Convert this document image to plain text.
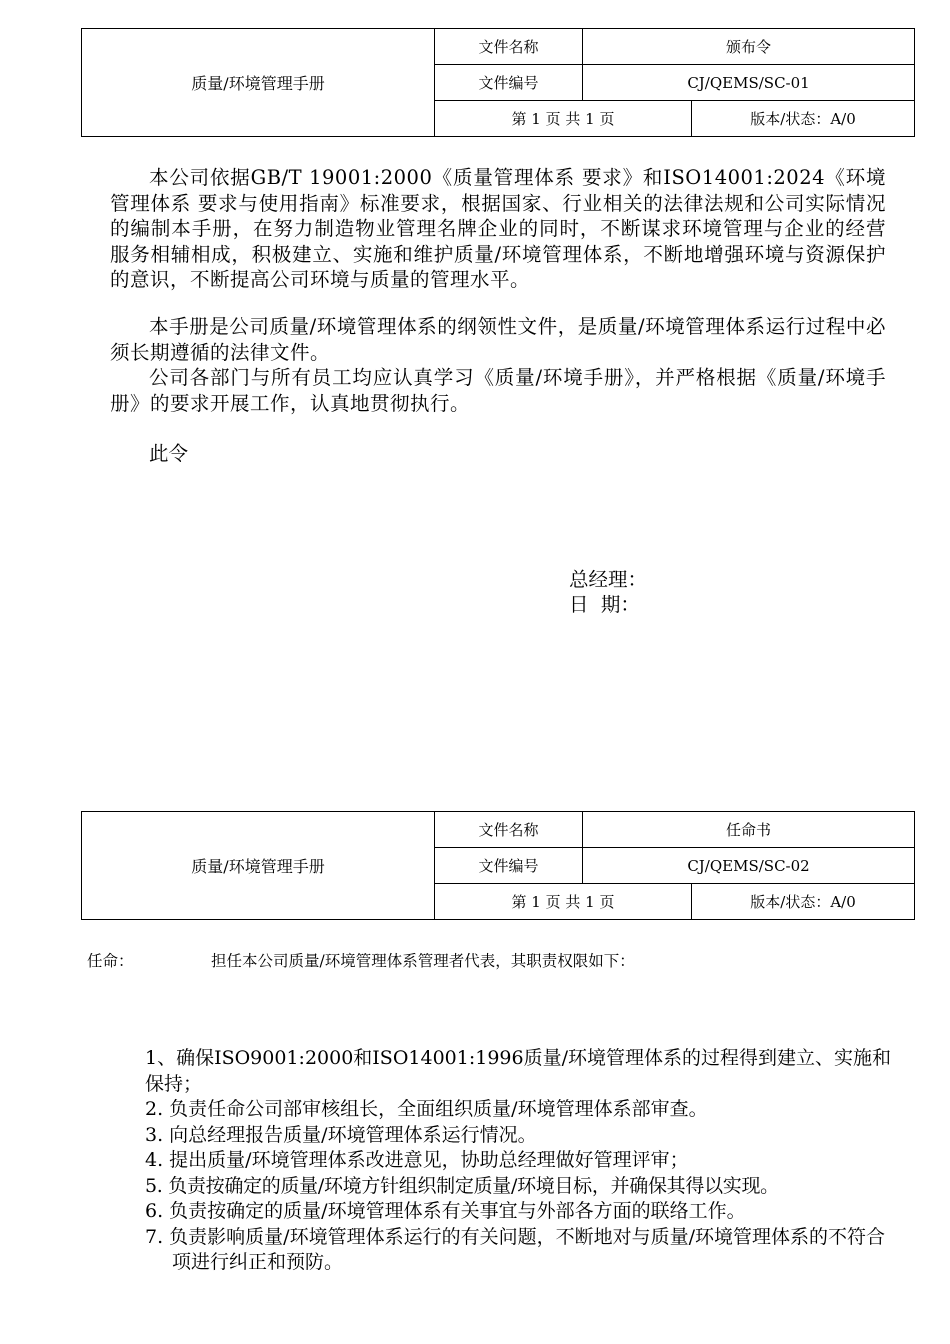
质量/环境管理手册	文件名称	颁布令	
	文件编号	CJ/QEMS/SC-01	
	第 1 页 共 1 页		版本/状态：A/0

本公司依据GB/T 19001:2000《质量管理体系 要求》和ISO14001:2024《环境管理体系 要求与使用指南》标准要求，根据国家、行业相关的法律法规和公司实际情况的编制本手册，在努力制造物业管理名牌企业的同时，不断谋求环境管理与企业的经营服务相辅相成，积极建立、实施和维护质量/环境管理体系，不断地增强环境与资源保护的意识，不断提高公司环境与质量的管理水平。

本手册是公司质量/环境管理体系的纲领性文件，是质量/环境管理体系运行过程中必须长期遵循的法律文件。

公司各部门与所有员工均应认真学习《质量/环境手册》，并严格根据《质量/环境手册》的要求开展工作，认真地贯彻执行。

此令

总经理：

日  期：

质量/环境管理手册	文件名称	任命书	
	文件编号	CJ/QEMS/SC-02	
	第 1 页 共 1 页		版本/状态：A/0

任命：	担任本公司质量/环境管理体系管理者代表，其职责权限如下：

1、确保ISO9001:2000和ISO14001:1996质量/环境管理体系的过程得到建立、实施和保持；
2. 负责任命公司部审核组长，全面组织质量/环境管理体系部审查。
3. 向总经理报告质量/环境管理体系运行情况。
4. 提出质量/环境管理体系改进意见，协助总经理做好管理评审；
5. 负责按确定的质量/环境方针组织制定质量/环境目标，并确保其得以实现。
6. 负责按确定的质量/环境管理体系有关事宜与外部各方面的联络工作。
7. 负责影响质量/环境管理体系运行的有关问题，不断地对与质量/环境管理体系的不符合项进行纠正和预防。
